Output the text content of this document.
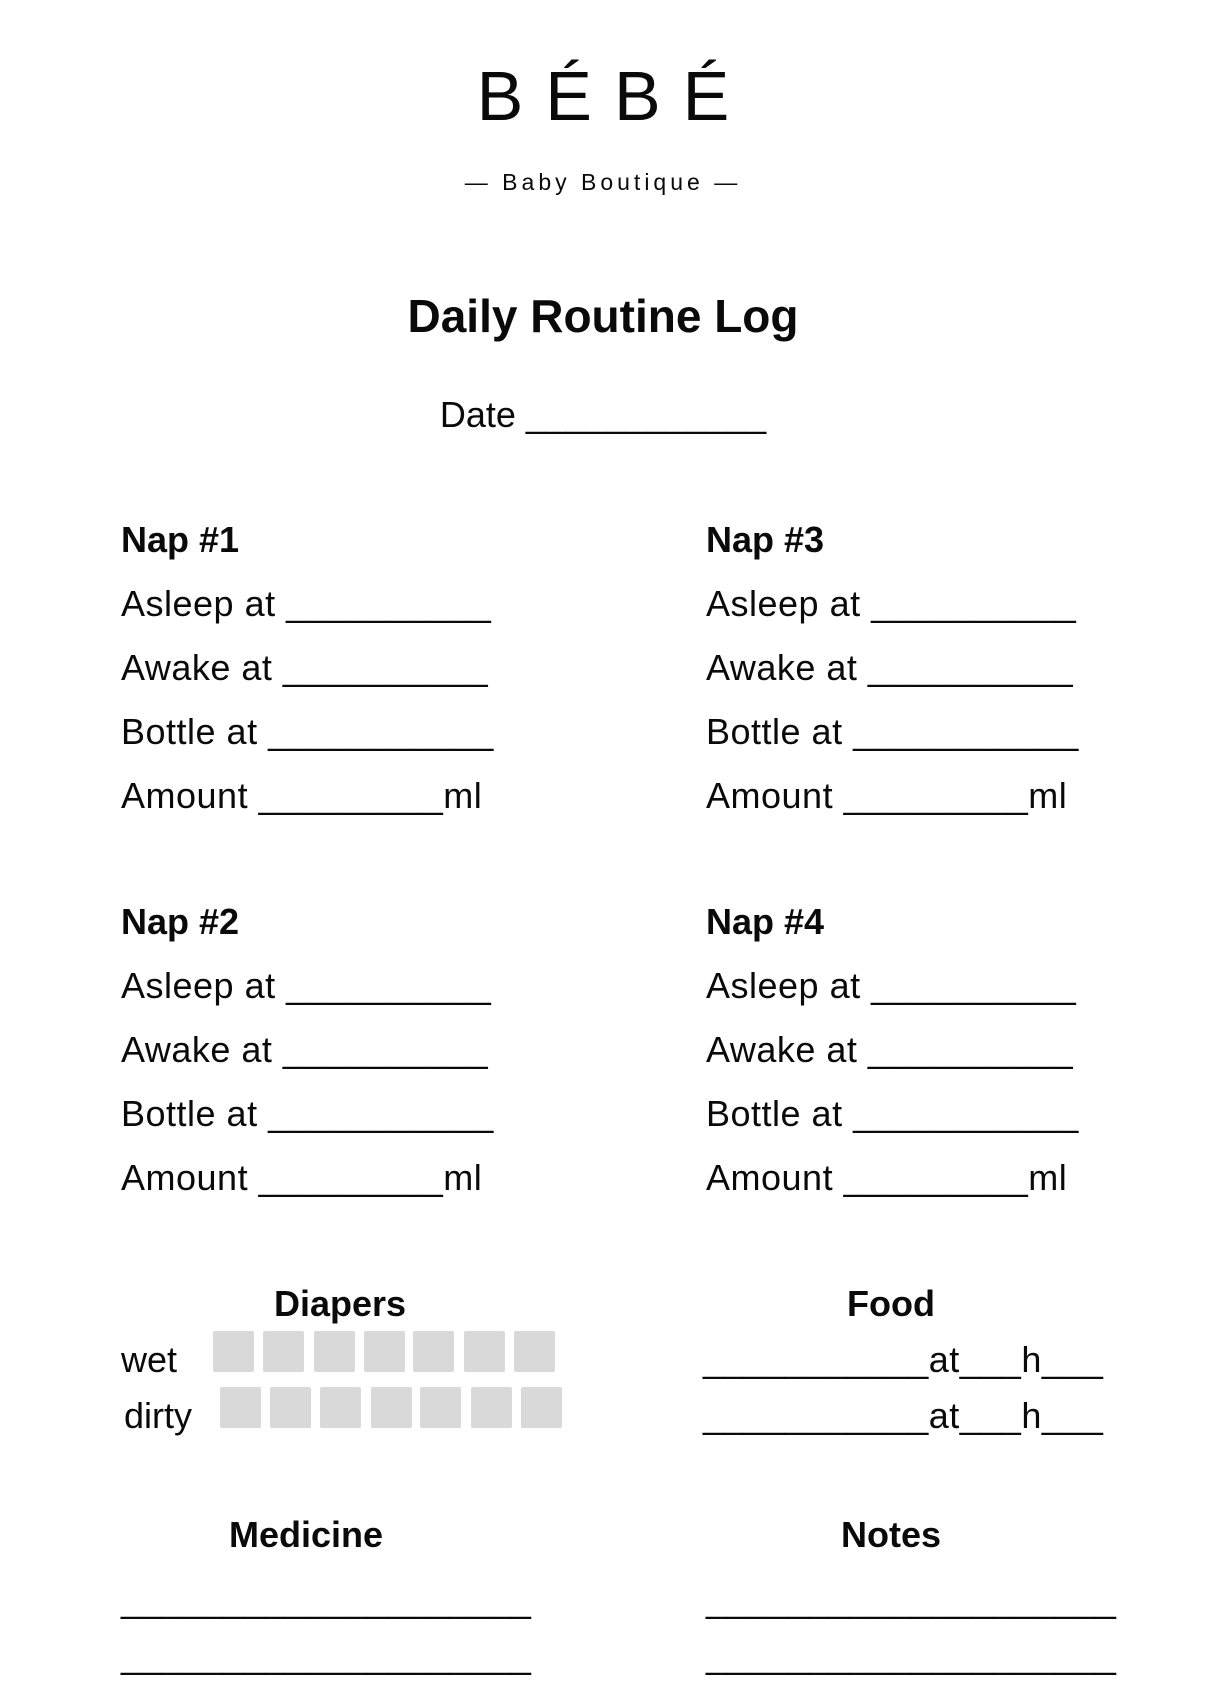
BÉBÉ
— Baby Boutique —
Daily Routine Log
Date ____________
Nap #1
Asleep at __________
Awake at __________
Bottle at ___________
Amount _________ml
Nap #2
Asleep at __________
Awake at __________
Bottle at ___________
Amount _________ml
Nap #3
Asleep at __________
Awake at __________
Bottle at ___________
Amount _________ml
Nap #4
Asleep at __________
Awake at __________
Bottle at ___________
Amount _________ml
Diapers
wet
dirty
Food
___________at___h___
___________at___h___
Medicine
____________________
____________________
Notes
____________________
____________________
